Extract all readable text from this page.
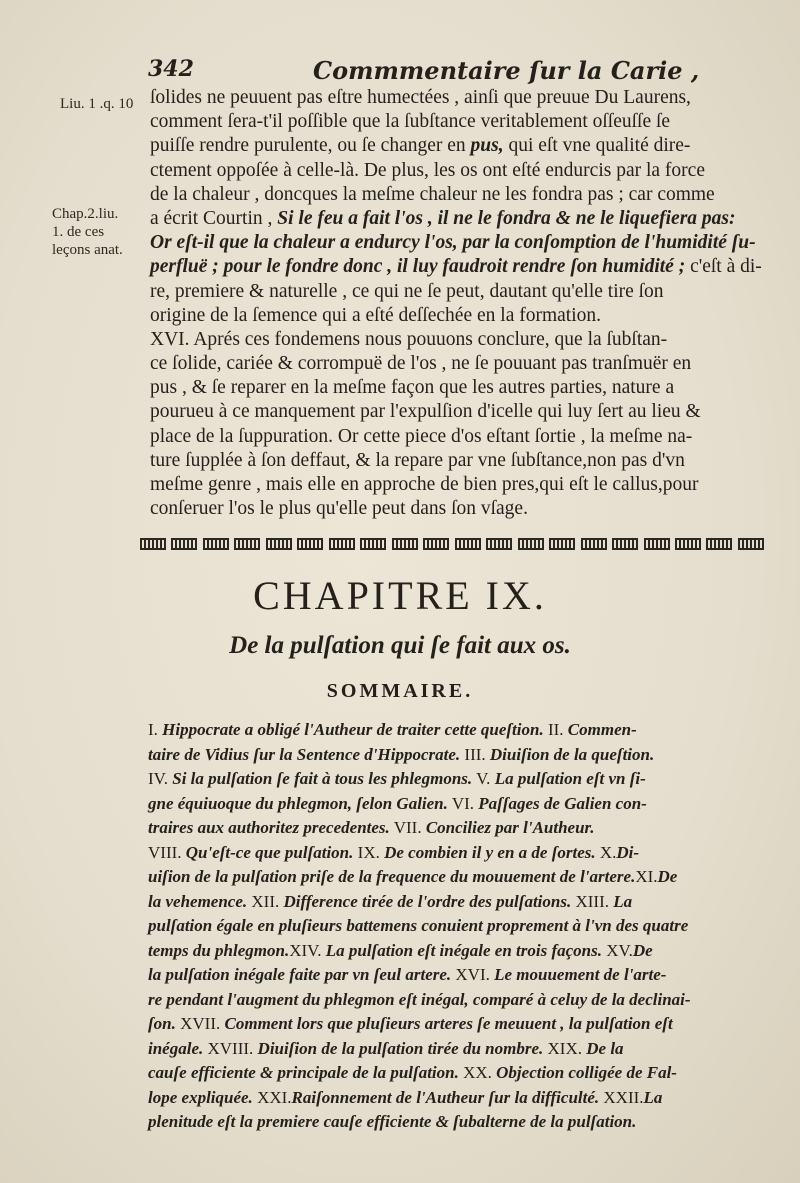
342	Commmentaire ſur la Carie ,
Liu. 1 .q. 10
Chap.2.liu.
1. de ces
leçons anat.
ſolides ne peuuent pas eſtre humectées , ainſi que preuue Du Laurens,
comment ſera-t'il poſſible que la ſubſtance veritablement oſſeuſſe ſe
puiſſe rendre purulente, ou ſe changer en pus, qui eſt vne qualité dire-
ctement oppoſée à celle-là. De plus, les os ont eſté endurcis par la force
de la chaleur , doncques la meſme chaleur ne les fondra pas ; car comme
a écrit Courtin , Si le feu a fait l'os , il ne le fondra & ne le liquefiera pas:
Or eſt-il que la chaleur a endurcy l'os, par la conſomption de l'humidité ſu-
perfluë ; pour le fondre donc , il luy faudroit rendre ſon humidité ; c'eſt à di-
re, premiere & naturelle , ce qui ne ſe peut, dautant qu'elle tire ſon
origine de la ſemence qui a eſté deſſechée en la formation.
XVI. Aprés ces fondemens nous pouuons conclure, que la ſubſtan-
ce ſolide, cariée & corrompuë de l'os , ne ſe pouuant pas tranſmuër en
pus , & ſe reparer en la meſme façon que les autres parties, nature a
pourueu à ce manquement par l'expulſion d'icelle qui luy ſert au lieu &
place de la ſuppuration. Or cette piece d'os eſtant ſortie , la meſme na-
ture ſupplée à ſon deffaut, & la repare par vne ſubſtance,non pas d'vn
meſme genre , mais elle en approche de bien pres,qui eſt le callus,pour
conſeruer l'os le plus qu'elle peut dans ſon vſage.
CHAPITRE IX.
De la pulſation qui ſe fait aux os.
SOMMAIRE.
I. Hippocrate a obligé l'Autheur de traiter cette queſtion. II. Commen-
taire de Vidius ſur la Sentence d'Hippocrate. III. Diuiſion de la queſtion.
IV. Si la pulſation ſe fait à tous les phlegmons. V. La pulſation eſt vn ſi-
gne équiuoque du phlegmon, ſelon Galien. VI. Paſſages de Galien con-
traires aux authoritez precedentes. VII. Conciliez par l'Autheur.
VIII. Qu'eſt-ce que pulſation. IX. De combien il y en a de ſortes. X.Di-
uiſion de la pulſation priſe de la frequence du mouuement de l'artere.XI.De
la vehemence. XII. Difference tirée de l'ordre des pulſations. XIII. La
pulſation égale en pluſieurs battemens conuient proprement à l'vn des quatre
temps du phlegmon.XIV. La pulſation eſt inégale en trois façons. XV.De
la pulſation inégale faite par vn ſeul artere. XVI. Le mouuement de l'arte-
re pendant l'augment du phlegmon eſt inégal, comparé à celuy de la declinai-
ſon. XVII. Comment lors que pluſieurs arteres ſe meuuent , la pulſation eſt
inégale. XVIII. Diuiſion de la pulſation tirée du nombre. XIX. De la
cauſe efficiente & principale de la pulſation. XX. Objection colligée de Fal-
lope expliquée. XXI.Raiſonnement de l'Autheur ſur la difficulté. XXII.La
plenitude eſt la premiere cauſe efficiente & ſubalterne de la pulſation.
